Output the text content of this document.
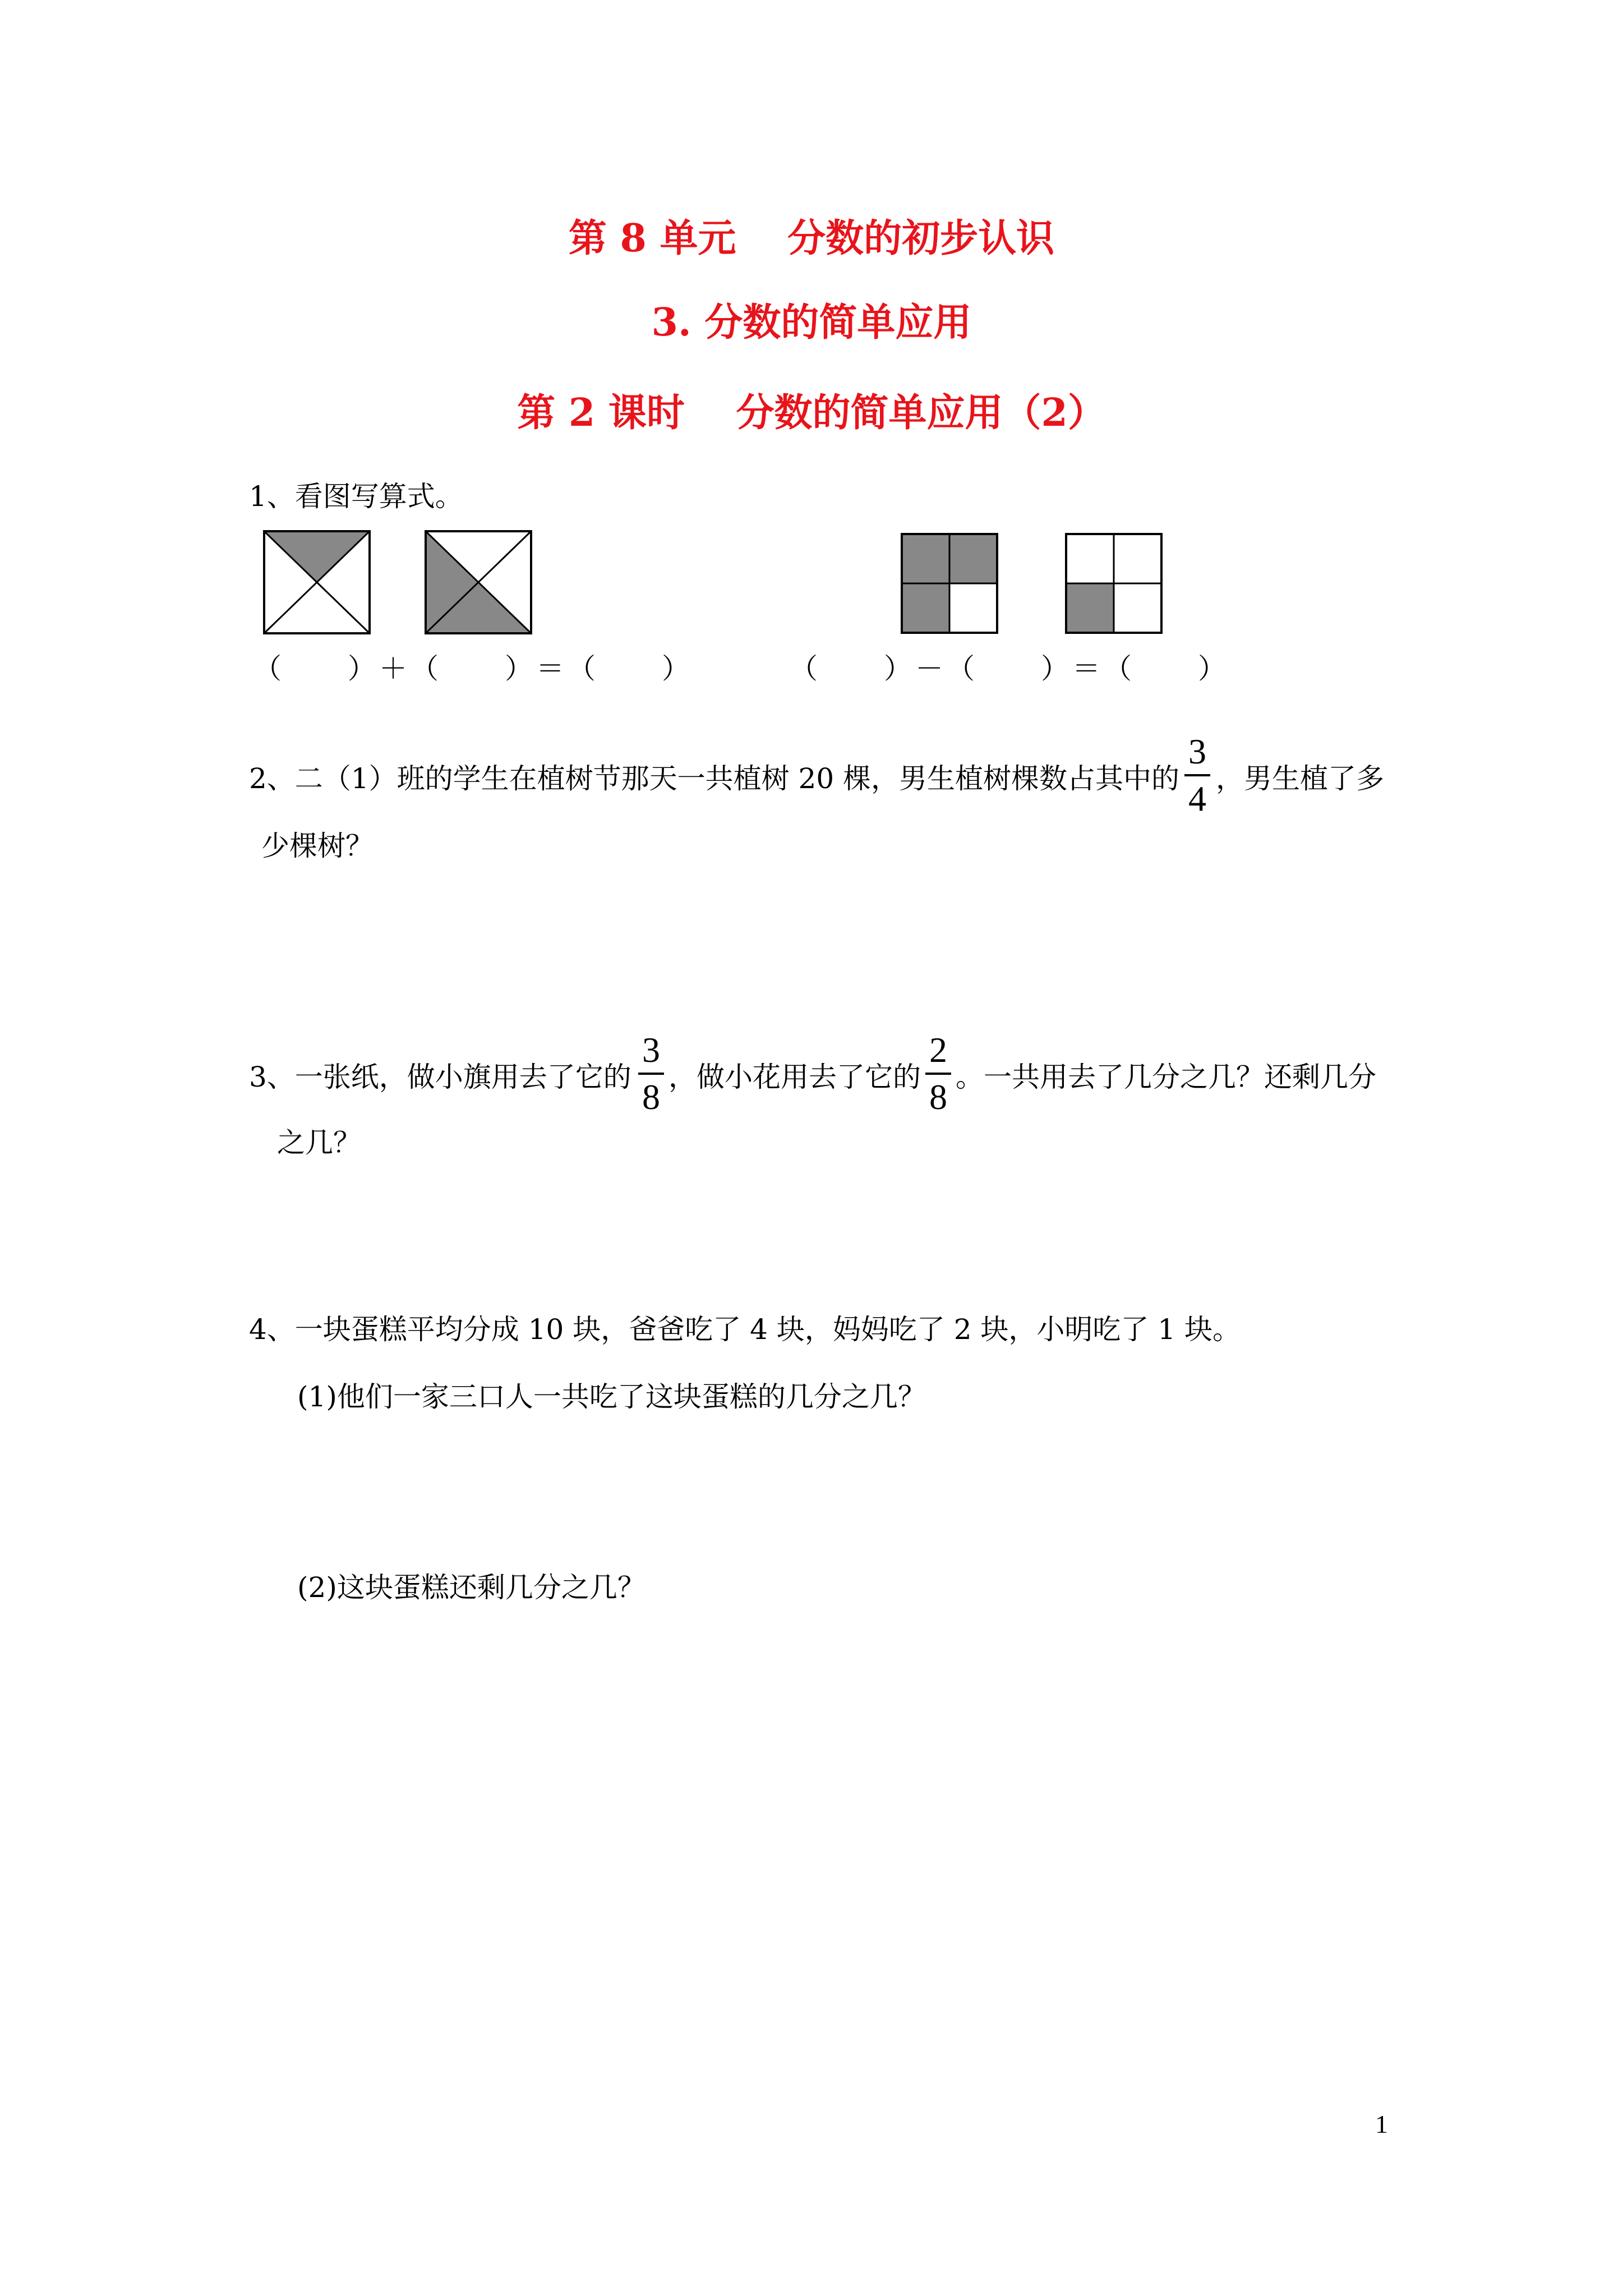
第 8 单元　 分数的初步认识
3. 分数的简单应用
第 2 课时　 分数的简单应用（2）
1、看图写算式。
（　　）＋（　　）＝（　　）	（　　）－（　　）＝（　　）
2、二（1）班的学生在植树节那天一共植树 20 棵，男生植树棵数占其中的
3
4 ，男生植了多
少棵树？
3、一张纸，做小旗用去了它的
3
8 ，做小花用去了它的
2
8 。一共用去了几分之几？还剩几分
之几？
4、一块蛋糕平均分成 10 块，爸爸吃了 4 块，妈妈吃了 2 块，小明吃了 1 块。
(1)他们一家三口人一共吃了这块蛋糕的几分之几？
(2)这块蛋糕还剩几分之几？
1
